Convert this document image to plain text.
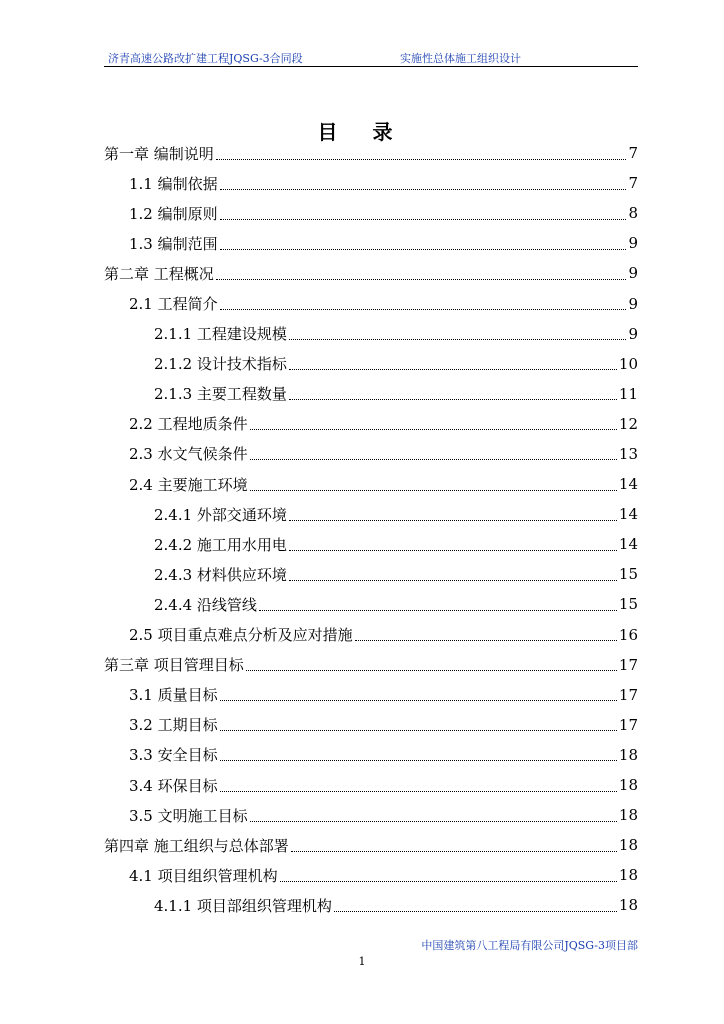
济青高速公路改扩建工程JQSG-3合同段	实施性总体施工组织设计
目 录
第一章 编制说明	7
1.1 编制依据	7
1.2 编制原则	8
1.3 编制范围	9
第二章 工程概况	9
2.1 工程简介	9
2.1.1 工程建设规模	9
2.1.2 设计技术指标	10
2.1.3 主要工程数量	11
2.2 工程地质条件	12
2.3 水文气候条件	13
2.4 主要施工环境	14
2.4.1 外部交通环境	14
2.4.2 施工用水用电	14
2.4.3 材料供应环境	15
2.4.4 沿线管线	15
2.5 项目重点难点分析及应对措施	16
第三章 项目管理目标	17
3.1 质量目标	17
3.2 工期目标	17
3.3 安全目标	18
3.4 环保目标	18
3.5 文明施工目标	18
第四章 施工组织与总体部署	18
4.1 项目组织管理机构	18
4.1.1 项目部组织管理机构	18
中国建筑第八工程局有限公司JQSG-3项目部
1
